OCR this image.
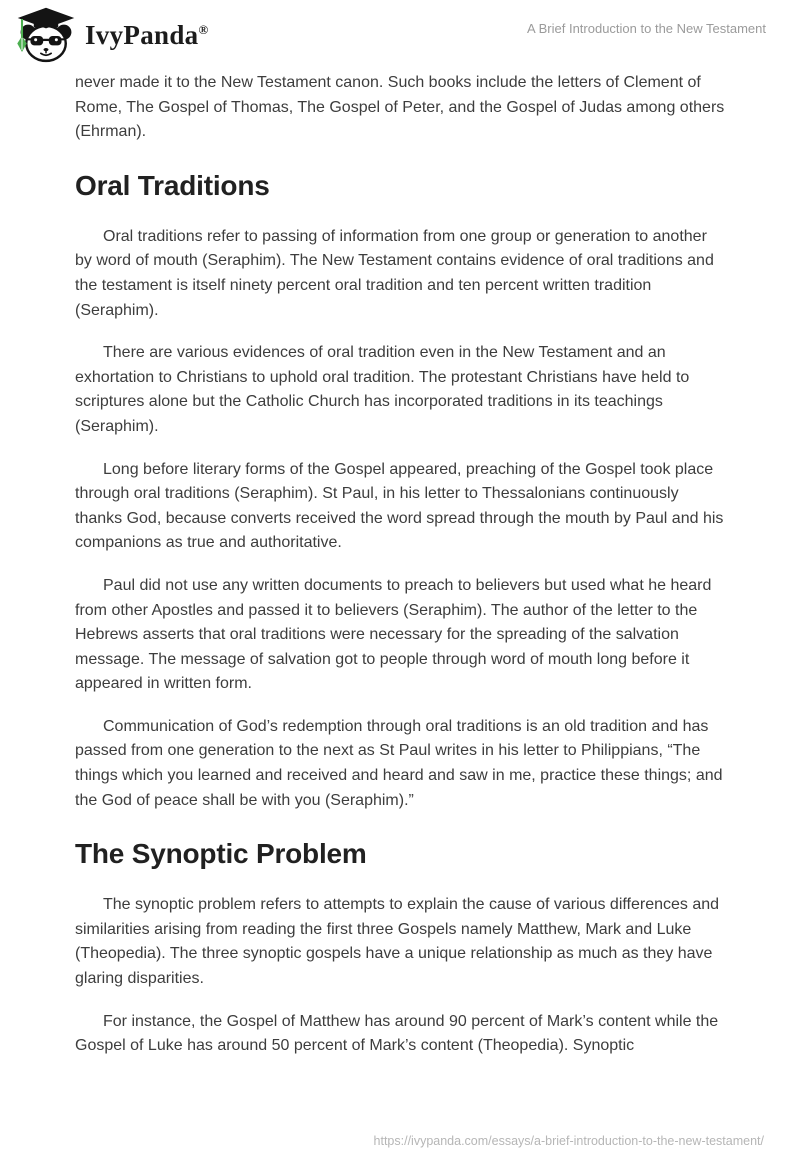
IvyPanda®	A Brief Introduction to the New Testament

never made it to the New Testament canon. Such books include the letters of Clement of Rome, The Gospel of Thomas, The Gospel of Peter, and the Gospel of Judas among others (Ehrman).

Oral Traditions

Oral traditions refer to passing of information from one group or generation to another by word of mouth (Seraphim). The New Testament contains evidence of oral traditions and the testament is itself ninety percent oral tradition and ten percent written tradition (Seraphim).

There are various evidences of oral tradition even in the New Testament and an exhortation to Christians to uphold oral tradition. The protestant Christians have held to scriptures alone but the Catholic Church has incorporated traditions in its teachings (Seraphim).

Long before literary forms of the Gospel appeared, preaching of the Gospel took place through oral traditions (Seraphim). St Paul, in his letter to Thessalonians continuously thanks God, because converts received the word spread through the mouth by Paul and his companions as true and authoritative.

Paul did not use any written documents to preach to believers but used what he heard from other Apostles and passed it to believers (Seraphim). The author of the letter to the Hebrews asserts that oral traditions were necessary for the spreading of the salvation message. The message of salvation got to people through word of mouth long before it appeared in written form.

Communication of God’s redemption through oral traditions is an old tradition and has passed from one generation to the next as St Paul writes in his letter to Philippians, “The things which you learned and received and heard and saw in me, practice these things; and the God of peace shall be with you (Seraphim).”

The Synoptic Problem

The synoptic problem refers to attempts to explain the cause of various differences and similarities arising from reading the first three Gospels namely Matthew, Mark and Luke (Theopedia). The three synoptic gospels have a unique relationship as much as they have glaring disparities.

For instance, the Gospel of Matthew has around 90 percent of Mark’s content while the Gospel of Luke has around 50 percent of Mark’s content (Theopedia). Synoptic

https://ivypanda.com/essays/a-brief-introduction-to-the-new-testament/
